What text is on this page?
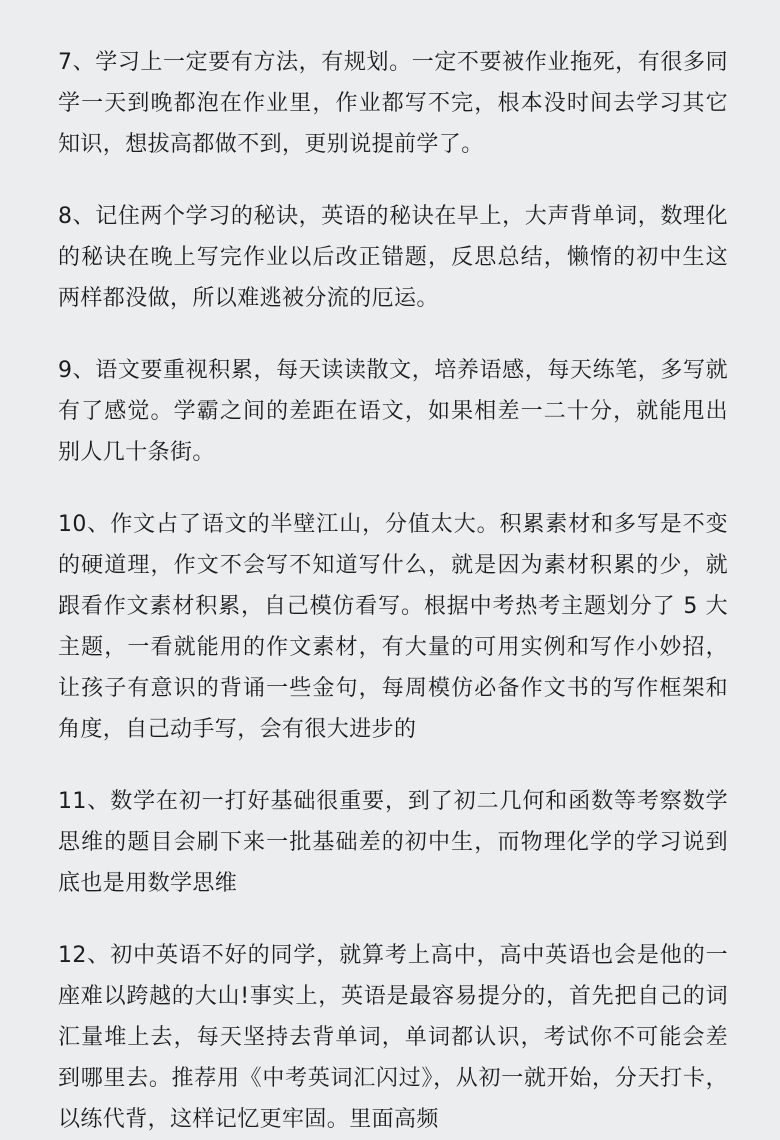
7、学习上一定要有方法，有规划。一定不要被作业拖死，有很多同学一天到晚都泡在作业里，作业都写不完，根本没时间去学习其它知识，想拔高都做不到，更别说提前学了。

8、记住两个学习的秘诀，英语的秘诀在早上，大声背单词，数理化的秘诀在晚上写完作业以后改正错题，反思总结，懒惰的初中生这两样都没做，所以难逃被分流的厄运。

9、语文要重视积累，每天读读散文，培养语感，每天练笔，多写就有了感觉。学霸之间的差距在语文，如果相差一二十分，就能甩出别人几十条街。

10、作文占了语文的半壁江山，分值太大。积累素材和多写是不变的硬道理，作文不会写不知道写什么，就是因为素材积累的少，就跟看作文素材积累，自己模仿看写。根据中考热考主题划分了 5 大主题，一看就能用的作文素材，有大量的可用实例和写作小妙招，让孩子有意识的背诵一些金句，每周模仿必备作文书的写作框架和角度，自己动手写，会有很大进步的

11、数学在初一打好基础很重要，到了初二几何和函数等考察数学思维的题目会刷下来一批基础差的初中生，而物理化学的学习说到底也是用数学思维

12、初中英语不好的同学，就算考上高中，高中英语也会是他的一座难以跨越的大山!事实上，英语是最容易提分的，首先把自己的词汇量堆上去，每天坚持去背单词，单词都认识，考试你不可能会差到哪里去。推荐用《中考英词汇闪过》，从初一就开始，分天打卡，以练代背，这样记忆更牢固。里面高频
